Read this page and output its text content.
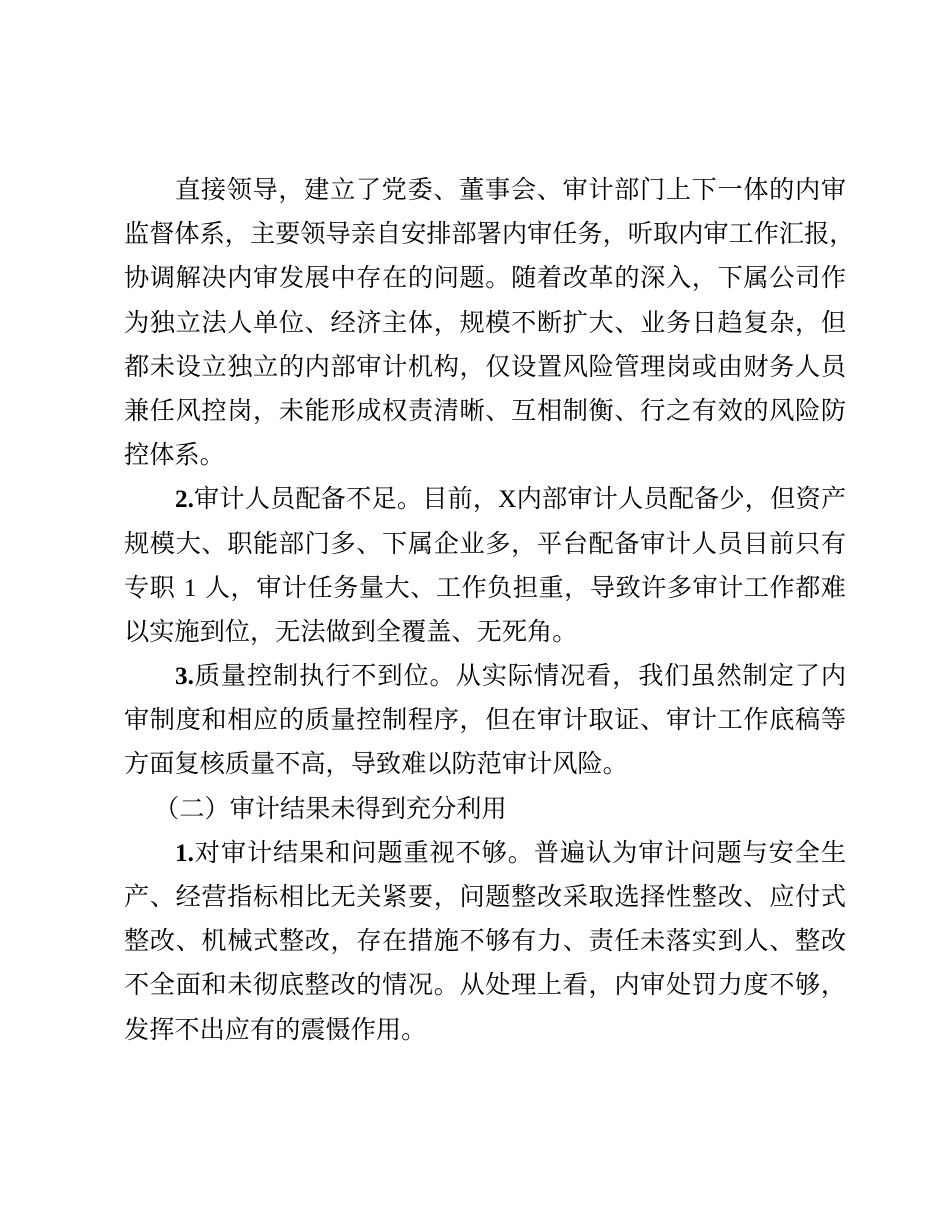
直接领导，建立了党委、董事会、审计部门上下一体的内审
监督体系，主要领导亲自安排部署内审任务，听取内审工作汇报，
协调解决内审发展中存在的问题。随着改革的深入，下属公司作
为独立法人单位、经济主体，规模不断扩大、业务日趋复杂，但
都未设立独立的内部审计机构，仅设置风险管理岗或由财务人员
兼任风控岗，未能形成权责清晰、互相制衡、行之有效的风险防
控体系。
2.审计人员配备不足。目前，X内部审计人员配备少，但资产
规模大、职能部门多、下属企业多，平台配备审计人员目前只有
专职 1 人，审计任务量大、工作负担重，导致许多审计工作都难
以实施到位，无法做到全覆盖、无死角。
3.质量控制执行不到位。从实际情况看，我们虽然制定了内
审制度和相应的质量控制程序，但在审计取证、审计工作底稿等
方面复核质量不高，导致难以防范审计风险。
（二）审计结果未得到充分利用
1.对审计结果和问题重视不够。普遍认为审计问题与安全生
产、经营指标相比无关紧要，问题整改采取选择性整改、应付式
整改、机械式整改，存在措施不够有力、责任未落实到人、整改
不全面和未彻底整改的情况。从处理上看，内审处罚力度不够，
发挥不出应有的震慑作用。
